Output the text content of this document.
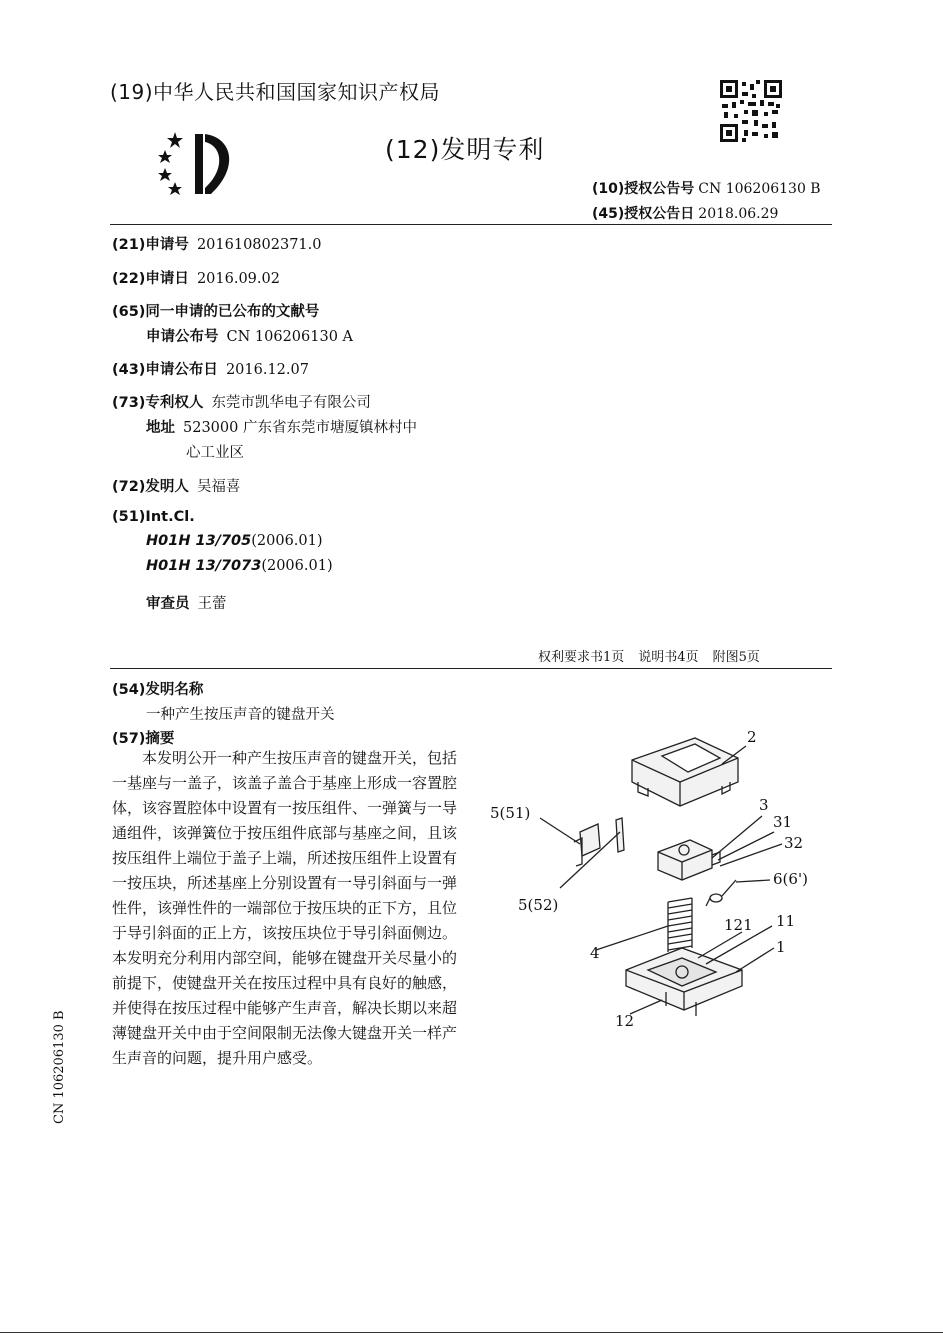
(19)中华人民共和国国家知识产权局
(12)发明专利
(10)授权公告号 CN 106206130 B
(45)授权公告日 2018.06.29
(21)申请号 201610802371.0
(22)申请日 2016.09.02
(65)同一申请的已公布的文献号
申请公布号 CN 106206130 A
(43)申请公布日 2016.12.07
(73)专利权人 东莞市凯华电子有限公司
地址 523000 广东省东莞市塘厦镇林村中
心工业区
(72)发明人 吴福喜
(51)Int.Cl.
H01H 13/705(2006.01)
H01H 13/7073(2006.01)
审查员 王蕾
权利要求书1页 说明书4页 附图5页
(54)发明名称
一种产生按压声音的键盘开关
(57)摘要
本发明公开一种产生按压声音的键盘开关，包括一基座与一盖子，该盖子盖合于基座上形成一容置腔体，该容置腔体中设置有一按压组件、一弹簧与一导通组件，该弹簧位于按压组件底部与基座之间，且该按压组件上端位于盖子上端，所述按压组件上设置有一按压块，所述基座上分别设置有一导引斜面与一弹性件，该弹性件的一端部位于按压块的正下方，且位于导引斜面的正上方，该按压块位于导引斜面侧边。本发明充分利用内部空间，能够在键盘开关尽量小的前提下，使键盘开关在按压过程中具有良好的触感，并使得在按压过程中能够产生声音，解决长期以来超薄键盘开关中由于空间限制无法像大键盘开关一样产生声音的问题，提升用户感受。
CN 106206130 B
2
3
31
32
5(51)
5(52)
6(6')
4
121 11
1
12
